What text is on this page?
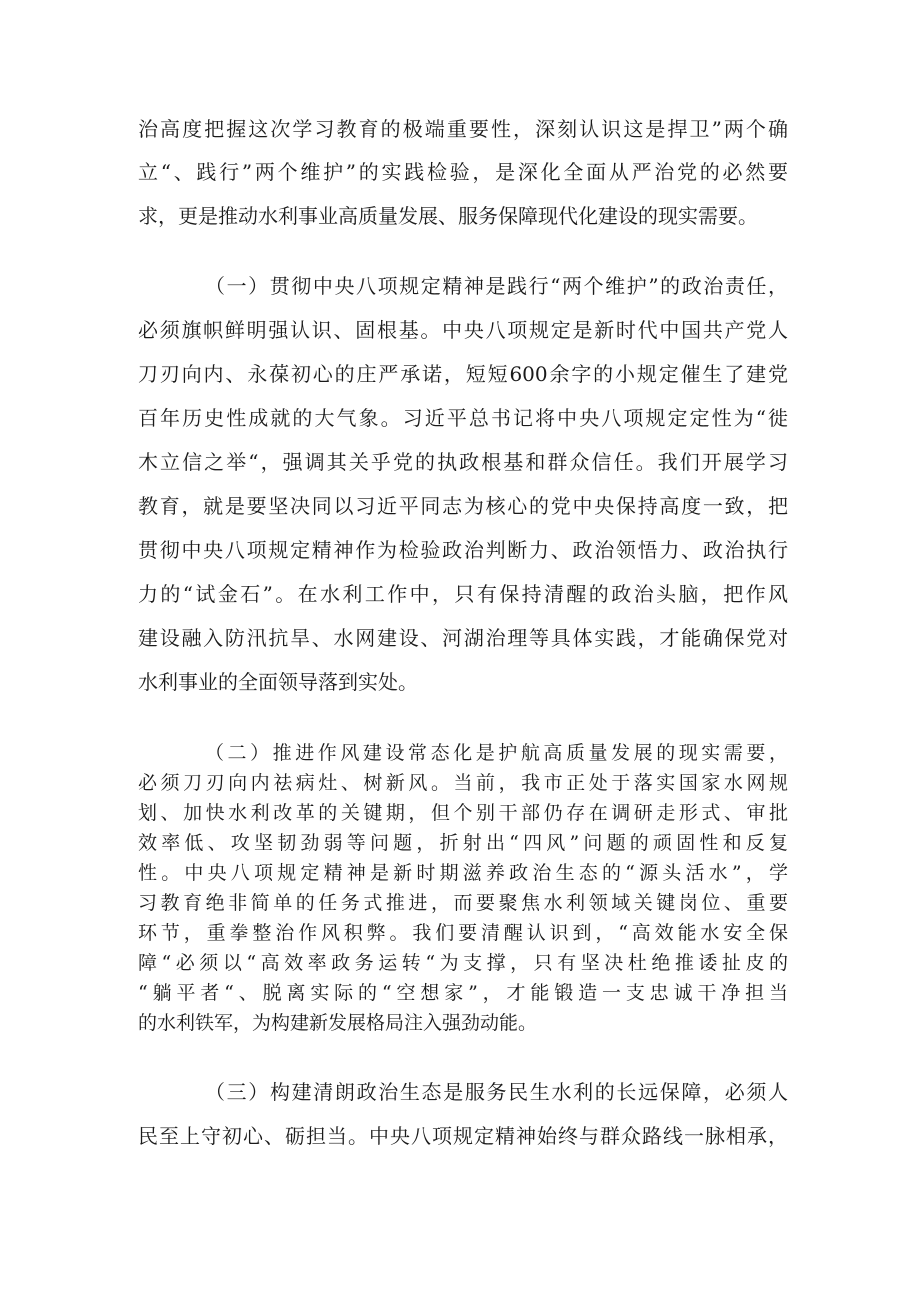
治高度把握这次学习教育的极端重要性，深刻认识这是捍卫”两个确
立“、践行”两个维护”的实践检验，是深化全面从严治党的必然要
求，更是推动水利事业高质量发展、服务保障现代化建设的现实需要。
（一）贯彻中央八项规定精神是践行“两个维护”的政治责任，
必须旗帜鲜明强认识、固根基。中央八项规定是新时代中国共产党人
刀刃向内、永葆初心的庄严承诺，短短600余字的小规定催生了建党
百年历史性成就的大气象。习近平总书记将中央八项规定定性为“徙
木立信之举“，强调其关乎党的执政根基和群众信任。我们开展学习
教育，就是要坚决同以习近平同志为核心的党中央保持高度一致，把
贯彻中央八项规定精神作为检验政治判断力、政治领悟力、政治执行
力的“试金石”。在水利工作中，只有保持清醒的政治头脑，把作风
建设融入防汛抗旱、水网建设、河湖治理等具体实践，才能确保党对
水利事业的全面领导落到实处。
（二）推进作风建设常态化是护航高质量发展的现实需要，
必须刀刃向内祛病灶、树新风。当前，我市正处于落实国家水网规
划、加快水利改革的关键期，但个别干部仍存在调研走形式、审批
效率低、攻坚韧劲弱等问题，折射出“四风”问题的顽固性和反复
性。中央八项规定精神是新时期滋养政治生态的“源头活水”，学
习教育绝非简单的任务式推进，而要聚焦水利领域关键岗位、重要
环节，重拳整治作风积弊。我们要清醒认识到，“高效能水安全保
障“必须以“高效率政务运转“为支撑，只有坚决杜绝推诿扯皮的
“躺平者“、脱离实际的“空想家”，才能锻造一支忠诚干净担当
的水利铁军，为构建新发展格局注入强劲动能。
（三）构建清朗政治生态是服务民生水利的长远保障，必须人
民至上守初心、砺担当。中央八项规定精神始终与群众路线一脉相承，
